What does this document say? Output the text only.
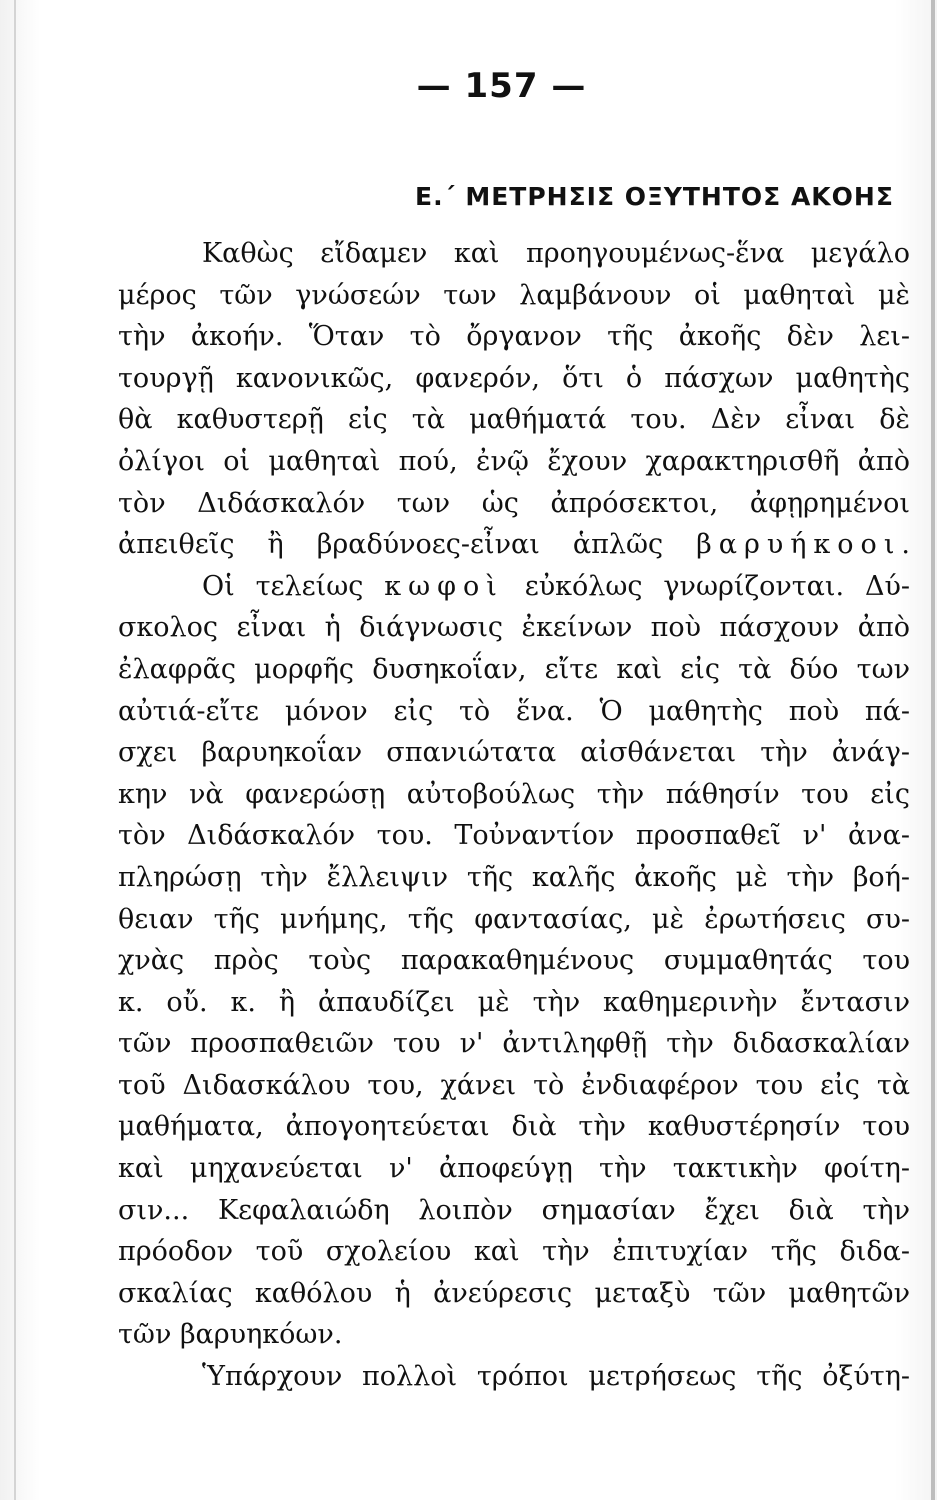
— 157 —
Ε.΄ ΜΕΤΡΗΣΙΣ ΟΞΥΤΗΤΟΣ ΑΚΟΗΣ
Καθὼς εἴδαμεν καὶ προηγουμένως-ἕνα μεγάλο
μέρος τῶν γνώσεών των λαμβάνουν οἱ μαθηταὶ μὲ
τὴν ἀκοήν. Ὅταν τὸ ὄργανον τῆς ἀκοῆς δὲν λει-
τουργῇ κανονικῶς, φανερόν, ὅτι ὁ πάσχων μαθητὴς
θὰ καθυστερῇ εἰς τὰ μαθήματά του. Δὲν εἶναι δὲ
ὀλίγοι οἱ μαθηταὶ πού, ἐνῷ ἔχουν χαρακτηρισθῆ ἀπὸ
τὸν Διδάσκαλόν των ὡς ἀπρόσεκτοι, ἀφῃρημένοι
ἀπειθεῖς ἢ βραδύνοες-εἶναι ἁπλῶς βαρυήκοοι.
Οἱ τελείως κωφοὶ εὐκόλως γνωρίζονται. Δύ-
σκολος εἶναι ἡ διάγνωσις ἐκείνων ποὺ πάσχουν ἀπὸ
ἐλαφρᾶς μορφῆς δυσηκοΐαν, εἴτε καὶ εἰς τὰ δύο των
αὐτιά-εἴτε μόνον εἰς τὸ ἕνα. Ὁ μαθητὴς ποὺ πά-
σχει βαρυηκοΐαν σπανιώτατα αἰσθάνεται τὴν ἀνάγ-
κην νὰ φανερώσῃ αὐτοβούλως τὴν πάθησίν του εἰς
τὸν Διδάσκαλόν του. Τοὐναντίον προσπαθεῖ ν' ἀνα-
πληρώσῃ τὴν ἔλλειψιν τῆς καλῆς ἀκοῆς μὲ τὴν βοή-
θειαν τῆς μνήμης, τῆς φαντασίας, μὲ ἐρωτήσεις συ-
χνὰς πρὸς τοὺς παρακαθημένους συμμαθητάς του
κ. οὔ. κ. ἢ ἀπαυδίζει μὲ τὴν καθημερινὴν ἔντασιν
τῶν προσπαθειῶν του ν' ἀντιληφθῇ τὴν διδασκαλίαν
τοῦ Διδασκάλου του, χάνει τὸ ἐνδιαφέρον του εἰς τὰ
μαθήματα, ἀπογοητεύεται διὰ τὴν καθυστέρησίν του
καὶ μηχανεύεται ν' ἀποφεύγῃ τὴν τακτικὴν φοίτη-
σιν... Κεφαλαιώδη λοιπὸν σημασίαν ἔχει διὰ τὴν
πρόοδον τοῦ σχολείου καὶ τὴν ἐπιτυχίαν τῆς διδα-
σκαλίας καθόλου ἡ ἀνεύρεσις μεταξὺ τῶν μαθητῶν
τῶν βαρυηκόων.
Ὑπάρχουν πολλοὶ τρόποι μετρήσεως τῆς ὀξύτη-
